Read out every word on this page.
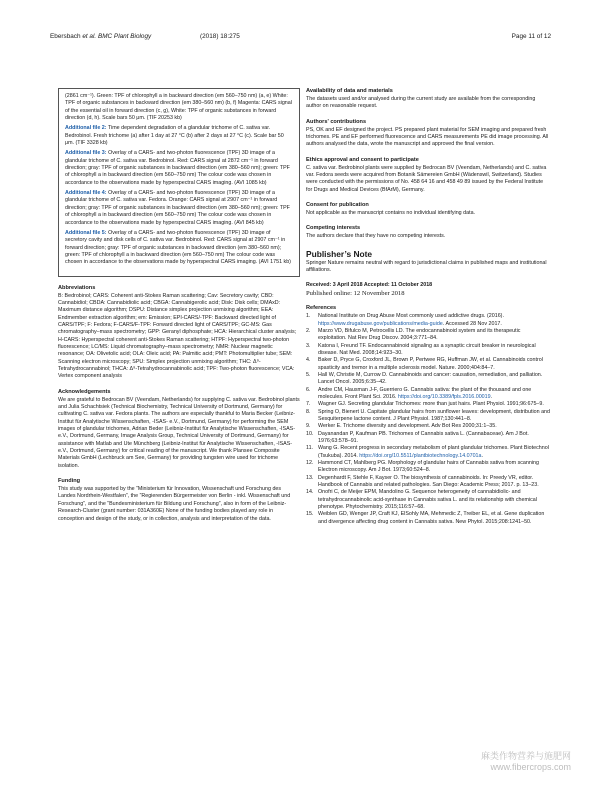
Ebersbach et al. BMC Plant Biology	(2018) 18:275	Page 11 of 12

(2861 cm⁻¹). Green: TPF of chlorophyll a in backward direction (em 560–750 nm) (a, e) White: TPF of organic substances in backward direction (em 380–560 nm) (b, f) Magenta: CARS signal of the essential oil in forward direction (c, g), White: TPF of organic substances in forward direction (d, h). Scale bars 50 μm. (TIF 20253 kb)

Additional file 2: Time dependent degradation of a glandular trichome of C. sativa var. Bedrobinol. Fresh trichome (a) after 1 day at 27 °C (b) after 2 days at 27 °C (c). Scale bar 50 μm. (TIF 3328 kb)

Additional file 3: Overlay of a CARS- and two-photon fluorescence (TPF) 3D image of a glandular trichome of C. sativa var. Bedrobinol. Red: CARS signal at 2872 cm⁻¹ in forward direction; gray: TPF of organic substances in backward direction (em 380–560 nm); green: TPF of chlorophyll a in backward direction (em 560–750 nm) The colour code was chosen in accordance to the observations made by hyperspectral CARS imaging. (AVI 1085 kb)

Additional file 4: Overlay of a CARS- and two-photon fluorescence (TPF) 3D image of a glandular trichome of C. sativa var. Fedora. Orange: CARS signal at 2907 cm⁻¹ in forward direction; gray: TPF of organic substances in backward direction (em 380–560 nm); green: TPF of chlorophyll a in backward direction (em 560–750 nm) The colour code was chosen in accordance to the observations made by hyperspectral CARS imaging. (AVI 845 kb)

Additional file 5: Overlay of a CARS- and two-photon fluorescence (TPF) 3D image of secretory cavity and disk cells of C. sativa var. Bedrobinol. Red: CARS signal at 2907 cm⁻¹ in forward direction; gray: TPF of organic substances in backward direction (em 380–560 nm); green: TPF of chlorophyll a in backward direction (em 560–750 nm) The colour code was chosen in accordance to the observations made by hyperspectral CARS imaging. (AVI 1751 kb)

Abbreviations

B: Bedrobinol; CARS: Coherent anti-Stokes Raman scattering; Cav: Secretory cavity; CBD: Cannabidiol; CBDA: Cannabidiolic acid; CBGA: Cannabigerolic acid; Disk: Disk cells; DMAxD: Maximum distance algorithm; DSPU: Distance simplex projection unmixing algorithm; EEA: Endmember extraction algorithm; em: Emission; EPI-CARS/-TPF: Backward directed light of CARS/TPF; F: Fedora; F-CARS/F-TPF: Forward directed light of CARS/TPF; GC-MS: Gas chromatography–mass spectrometry; GPP: Geranyl diphosphate; HCA: Hierarchical cluster analysis; H-CARS: Hyperspectral coherent anti-Stokes Raman scattering; HTPF: Hyperspectral two-photon fluorescence; LC/MS: Liquid chromatography–mass spectrometry; NMR: Nuclear magnetic resonance; OA: Olivetolic acid; OLA: Oleic acid; PA: Palmitic acid; PMT: Photomultiplier tube; SEM: Scanning electron microscopy; SPU: Simplex projection unmixing algorithm; THC: Δ⁹-Tetrahydrocannabinol; THCA: Δ⁹-Tetrahydrocannabinolic acid; TPF: Two-photon fluorescence; VCA: Vertex component analysis

Acknowledgements

We are grateful to Bedrocan BV (Veendam, Netherlands) for supplying C. sativa var. Bedrobinol plants and Julia Schachtsiek (Technical Biochemistry, Technical University of Dortmund, Germany) for cultivating C. sativa var. Fedora plants. The authors are especially thankful to Maria Becker (Leibniz-Institut für Analytische Wissenschaften, -ISAS- e.V., Dortmund, Germany) for performing the SEM images of glandular trichomes, Adrian Beder (Leibniz-Institut für Analytische Wissenschaften, -ISAS- e.V., Dortmund, Germany, Image Analysis Group, Technical University of Dortmund, Germany) for assistance with Matlab and Ute Münchberg (Leibniz-Institut für Analytische Wissenschaften, -ISAS- e.V., Dortmund, Germany) for critical reading of the manuscript. We thank Plansee Composite Materials GmbH (Lechbruck am See, Germany) for providing tungsten wire used for trichome isolation.

Funding

This study was supported by the “Ministerium für Innovation, Wissenschaft und Forschung des Landes Nordrhein-Westfalen”, the “Regierenden Bürgermeister von Berlin - inkl. Wissenschaft und Forschung”, and the “Bundesministerium für Bildung und Forschung”, also in form of the Leibniz-Research-Cluster (grant number: 031A360E) None of the funding bodies played any role in conception and design of the study, or in collection, analysis and interpretation of the data.

Availability of data and materials

The datasets used and/or analysed during the current study are available from the corresponding author on reasonable request.

Authors' contributions

PS, OK and EF designed the project. PS prepared plant material for SEM imaging and prepared fresh trichomes. PE and EF performed fluorescence and CARS measurements PE did image processing. All authors analysed the data, wrote the manuscript and approved the final version.

Ethics approval and consent to participate

C. sativa var. Bedrobinol plants were supplied by Bedrocan BV (Veendam, Netherlands) and C. sativa var. Fedora seeds were acquired from Botanik Sämereien GmbH (Wädenswil, Switzerland). Studies were conducted with the permissions of No. 458 64 16 and 458 49 89 issued by the Federal Institute for Drugs and Medical Devices (BfArM), Germany.

Consent for publication

Not applicable as the manuscript contains no individual identifying data.

Competing interests

The authors declare that they have no competing interests.

Publisher’s Note

Springer Nature remains neutral with regard to jurisdictional claims in published maps and institutional affiliations.

Received: 3 April 2018 Accepted: 11 October 2018

Published online: 12 November 2018

References
1. National Institute on Drug Abuse Most commonly used addictive drugs. (2016). https://www.drugabuse.gov/publications/media-guide. Accessed 28 Nov 2017.
2. Marzo VD, Bifulco M, Petrocellis LD. The endocannabinoid system and its therapeutic exploitation. Nat Rev Drug Discov. 2004;3:771–84.
3. Katona I, Freund TF. Endocannabinoid signaling as a synaptic circuit breaker in neurological disease. Nat Med. 2008;14:923–30.
4. Baker D, Pryce G, Croxford JL, Brown P, Pertwee RG, Huffman JW, et al. Cannabinoids control spasticity and tremor in a multiple sclerosis model. Nature. 2000;404:84–7.
5. Hall W, Christie M, Currow D. Cannabinoids and cancer: causation, remediation, and palliation. Lancet Oncol. 2005;6:35–42.
6. Andre CM, Hausman J-F, Guerriero G. Cannabis sativa: the plant of the thousand and one molecules. Front Plant Sci. 2016. https://doi.org/10.3389/fpls.2016.00019.
7. Wagner GJ. Secreting glandular Trichomes: more than just hairs. Plant Physiol. 1991;96:675–9.
8. Spring O, Bienert U. Capitate glandular hairs from sunflower leaves: development, distribution and Sesquiterpene lactone content. J Plant Physiol. 1987;130:441–8.
9. Werker E. Trichome diversity and development. Adv Bot Res 2000;31:1–35.
10. Dayanandan P, Kaufman PB. Trichomes of Cannabis sativa L. (Cannabaceae). Am J Bot. 1976;63:578–91.
11. Wang G. Recent progress in secondary metabolism of plant glandular trichomes. Plant Biotechnol (Tsukuba). 2014. https://doi.org/10.5511/plantbiotechnology.14.0701a.
12. Hammond CT, Mahlberg PG. Morphology of glandular hairs of Cannabis sativa from scanning Electron microscopy. Am J Bot. 1973;60:524–8.
13. Degenhardt F, Stehle F, Kayser O. The biosynthesis of cannabinoids. In: Preedy VR, editor. Handbook of Cannabis and related pathologies. San Diego: Academic Press; 2017. p. 13–23.
14. Onofri C, de Meijer EPM, Mandolino G. Sequence heterogeneity of cannabidiolic- and tetrahydrocannabinolic acid-synthase in Cannabis sativa L. and its relationship with chemical phenotype. Phytochemistry. 2015;116:57–68.
15. Weiblen GD, Wenger JP, Craft KJ, ElSohly MA, Mehmedic Z, Treiber EL, et al. Gene duplication and divergence affecting drug content in Cannabis sativa. New Phytol. 2015;208:1241–50.
麻类作物营养与施肥网
www.fibercrops.com
